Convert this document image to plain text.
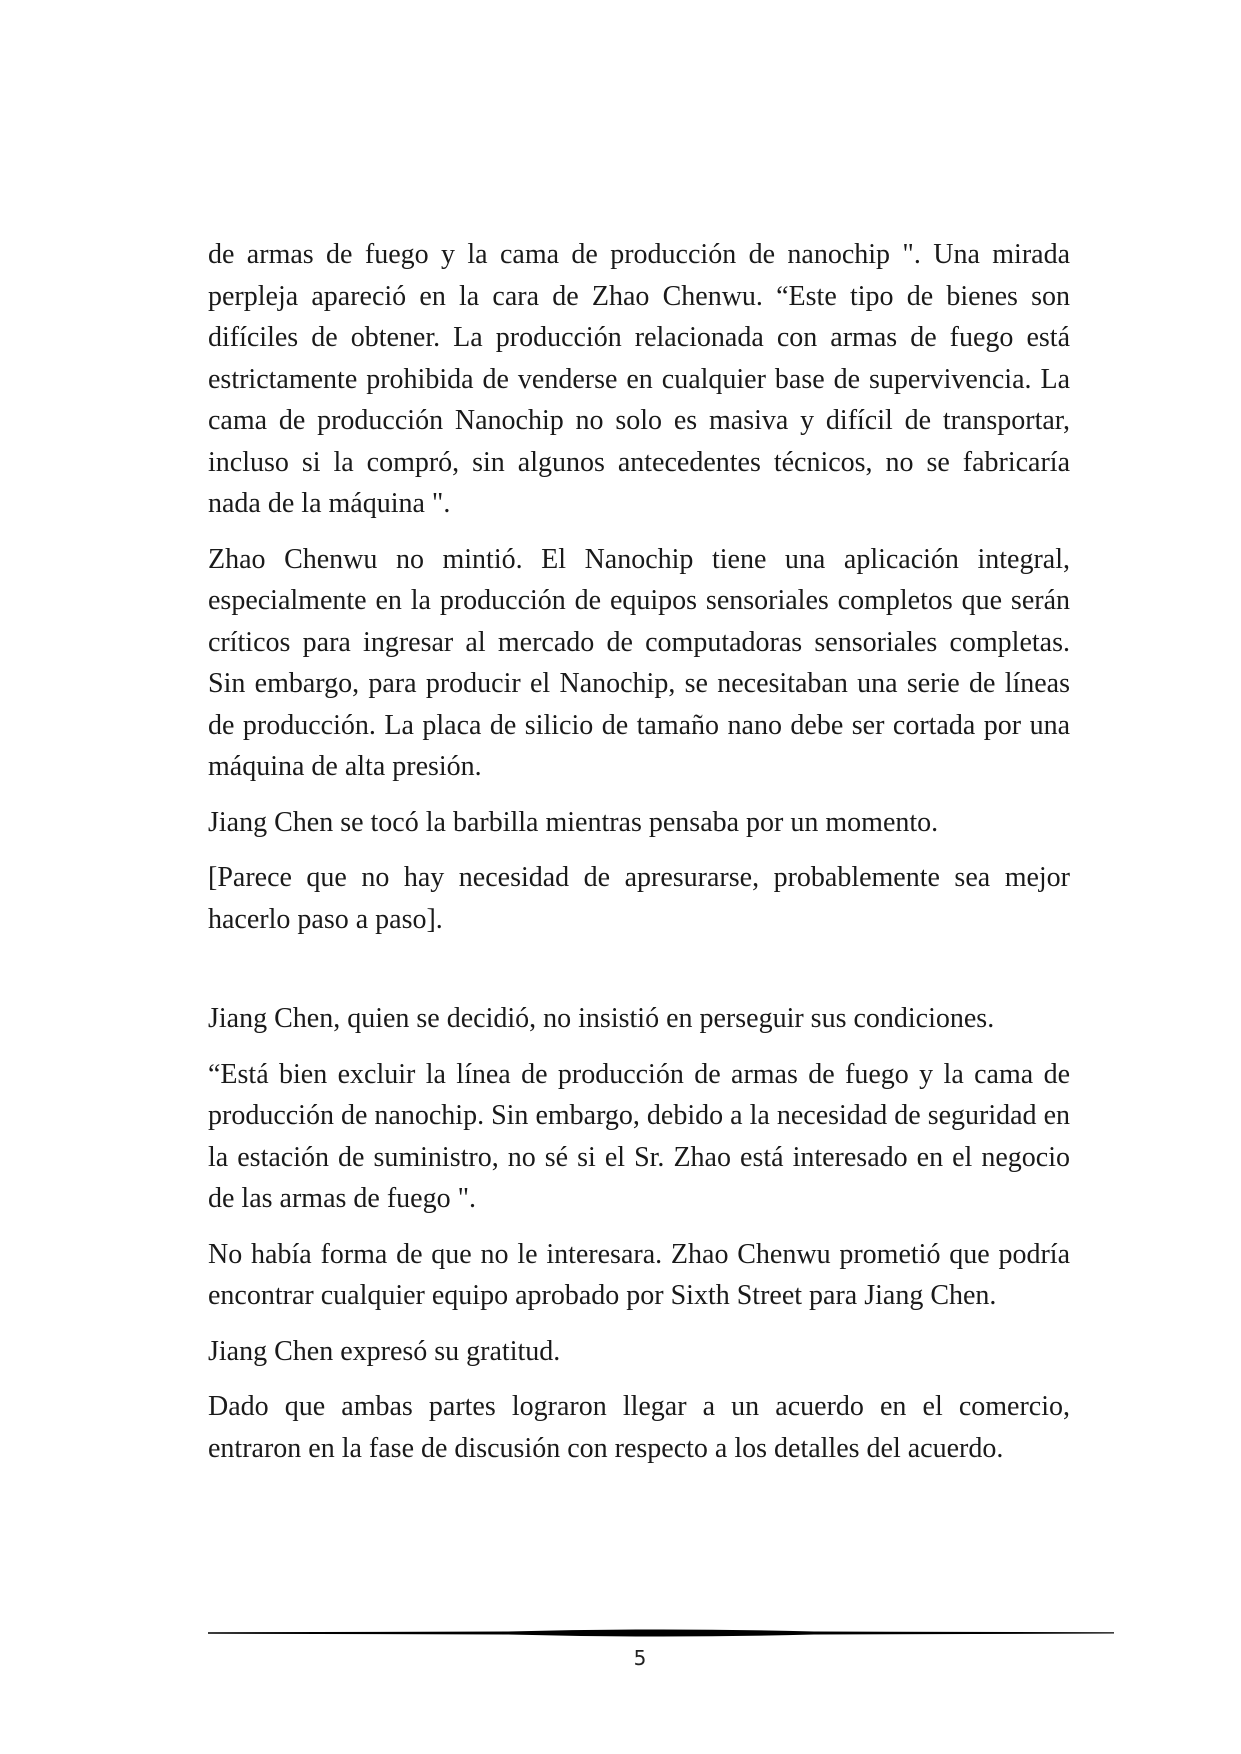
de armas de fuego y la cama de producción de nanochip ". Una mirada perpleja apareció en la cara de Zhao Chenwu. “Este tipo de bienes son difíciles de obtener. La producción relacionada con armas de fuego está estrictamente prohibida de venderse en cualquier base de supervivencia. La cama de producción Nanochip no solo es masiva y difícil de transportar, incluso si la compró, sin algunos antecedentes técnicos, no se fabricaría nada de la máquina ".

Zhao Chenwu no mintió. El Nanochip tiene una aplicación integral, especialmente en la producción de equipos sensoriales completos que serán críticos para ingresar al mercado de computadoras sensoriales completas. Sin embargo, para producir el Nanochip, se necesitaban una serie de líneas de producción. La placa de silicio de tamaño nano debe ser cortada por una máquina de alta presión.

Jiang Chen se tocó la barbilla mientras pensaba por un momento.

[Parece que no hay necesidad de apresurarse, probablemente sea mejor hacerlo paso a paso].

Jiang Chen, quien se decidió, no insistió en perseguir sus condiciones.

“Está bien excluir la línea de producción de armas de fuego y la cama de producción de nanochip. Sin embargo, debido a la necesidad de seguridad en la estación de suministro, no sé si el Sr. Zhao está interesado en el negocio de las armas de fuego ".

No había forma de que no le interesara. Zhao Chenwu prometió que podría encontrar cualquier equipo aprobado por Sixth Street para Jiang Chen.

Jiang Chen expresó su gratitud.

Dado que ambas partes lograron llegar a un acuerdo en el comercio, entraron en la fase de discusión con respecto a los detalles del acuerdo.

5
